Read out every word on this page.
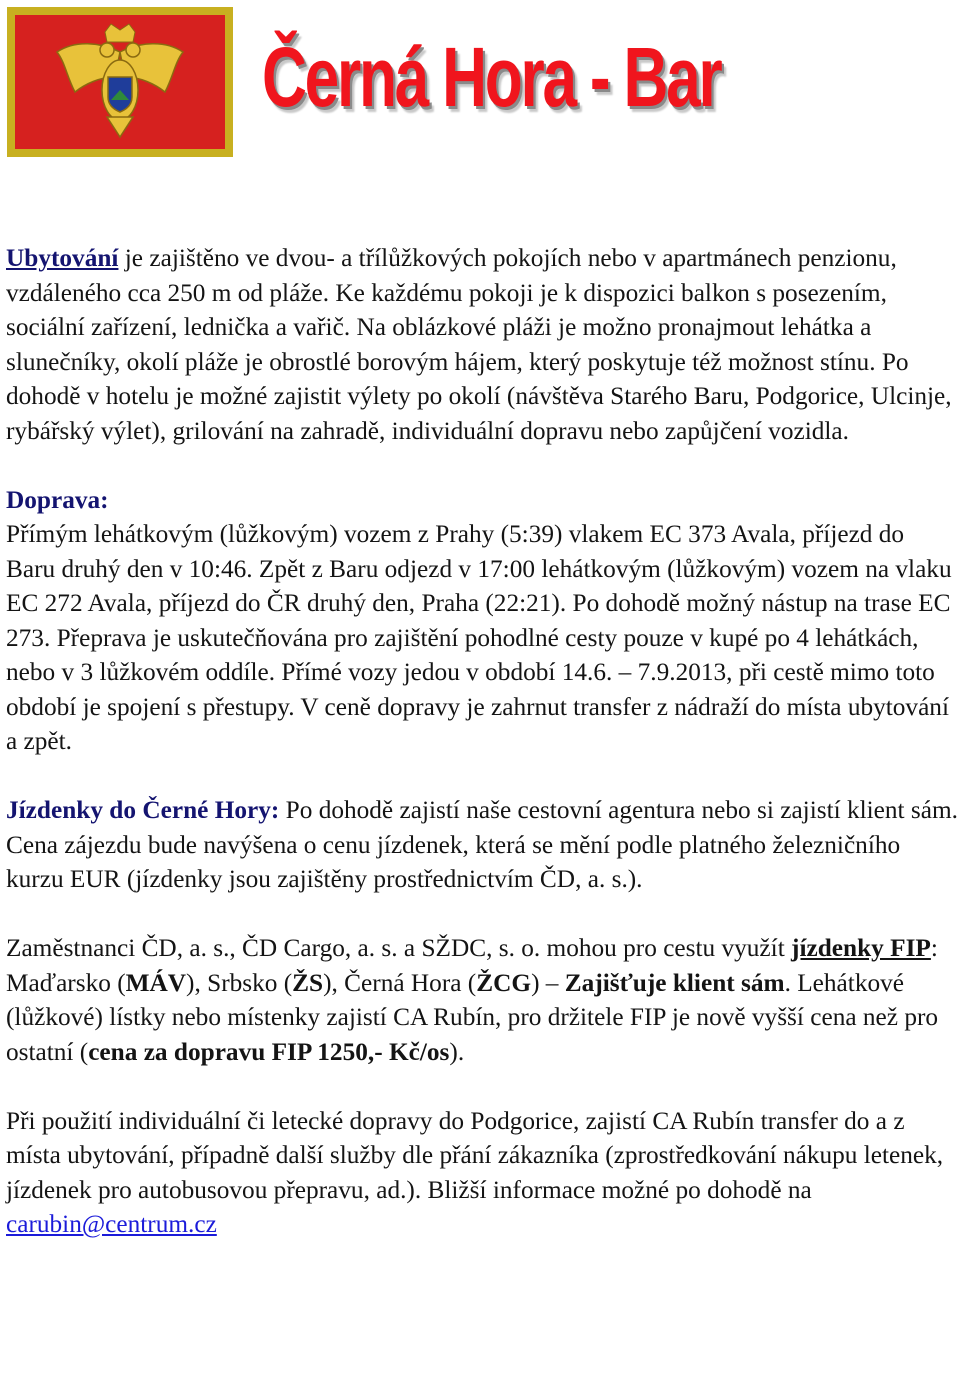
Černá Hora - Bar

Ubytování je zajištěno ve dvou- a třílůžkových pokojích nebo v apartmánech penzionu, vzdáleného cca 250 m od pláže. Ke každému pokoji je k dispozici balkon s posezením, sociální zařízení, lednička a vařič. Na oblázkové pláži je možno pronajmout lehátka a slunečníky, okolí pláže je obrostlé borovým hájem, který poskytuje též možnost stínu. Po dohodě v hotelu je možné zajistit výlety po okolí (návštěva Starého Baru, Podgorice, Ulcinje, rybářský výlet), grilování na zahradě, individuální dopravu nebo zapůjčení vozidla.

Doprava:

Přímým lehátkovým (lůžkovým) vozem z Prahy (5:39) vlakem EC 373 Avala, příjezd do Baru druhý den v 10:46. Zpět z Baru odjezd v 17:00 lehátkovým (lůžkovým) vozem na vlaku EC 272 Avala, příjezd do ČR druhý den, Praha (22:21). Po dohodě možný nástup na trase EC 273. Přeprava je uskutečňována pro zajištění pohodlné cesty pouze v kupé po 4 lehátkách, nebo v 3 lůžkovém oddíle. Přímé vozy jedou v období 14.6. – 7.9.2013, při cestě mimo toto období je spojení s přestupy. V ceně dopravy je zahrnut transfer z nádraží do místa ubytování a zpět.

Jízdenky do Černé Hory: Po dohodě zajistí naše cestovní agentura nebo si zajistí klient sám. Cena zájezdu bude navýšena o cenu jízdenek, která se mění podle platného železničního kurzu EUR (jízdenky jsou zajištěny prostřednictvím ČD, a. s.).

Zaměstnanci ČD, a. s., ČD Cargo, a. s. a SŽDC, s. o. mohou pro cestu využít jízdenky FIP:
Maďarsko (MÁV), Srbsko (ŽS), Černá Hora (ŽCG) – Zajišťuje klient sám. Lehátkové (lůžkové) lístky nebo místenky zajistí CA Rubín, pro držitele FIP je nově vyšší cena než pro ostatní (cena za dopravu FIP 1250,- Kč/os).

Při použití individuální či letecké dopravy do Podgorice, zajistí CA Rubín transfer do a z místa ubytování, případně další služby dle přání zákazníka (zprostředkování nákupu letenek, jízdenek pro autobusovou přepravu, ad.). Bližší informace možné po dohodě na carubin@centrum.cz
